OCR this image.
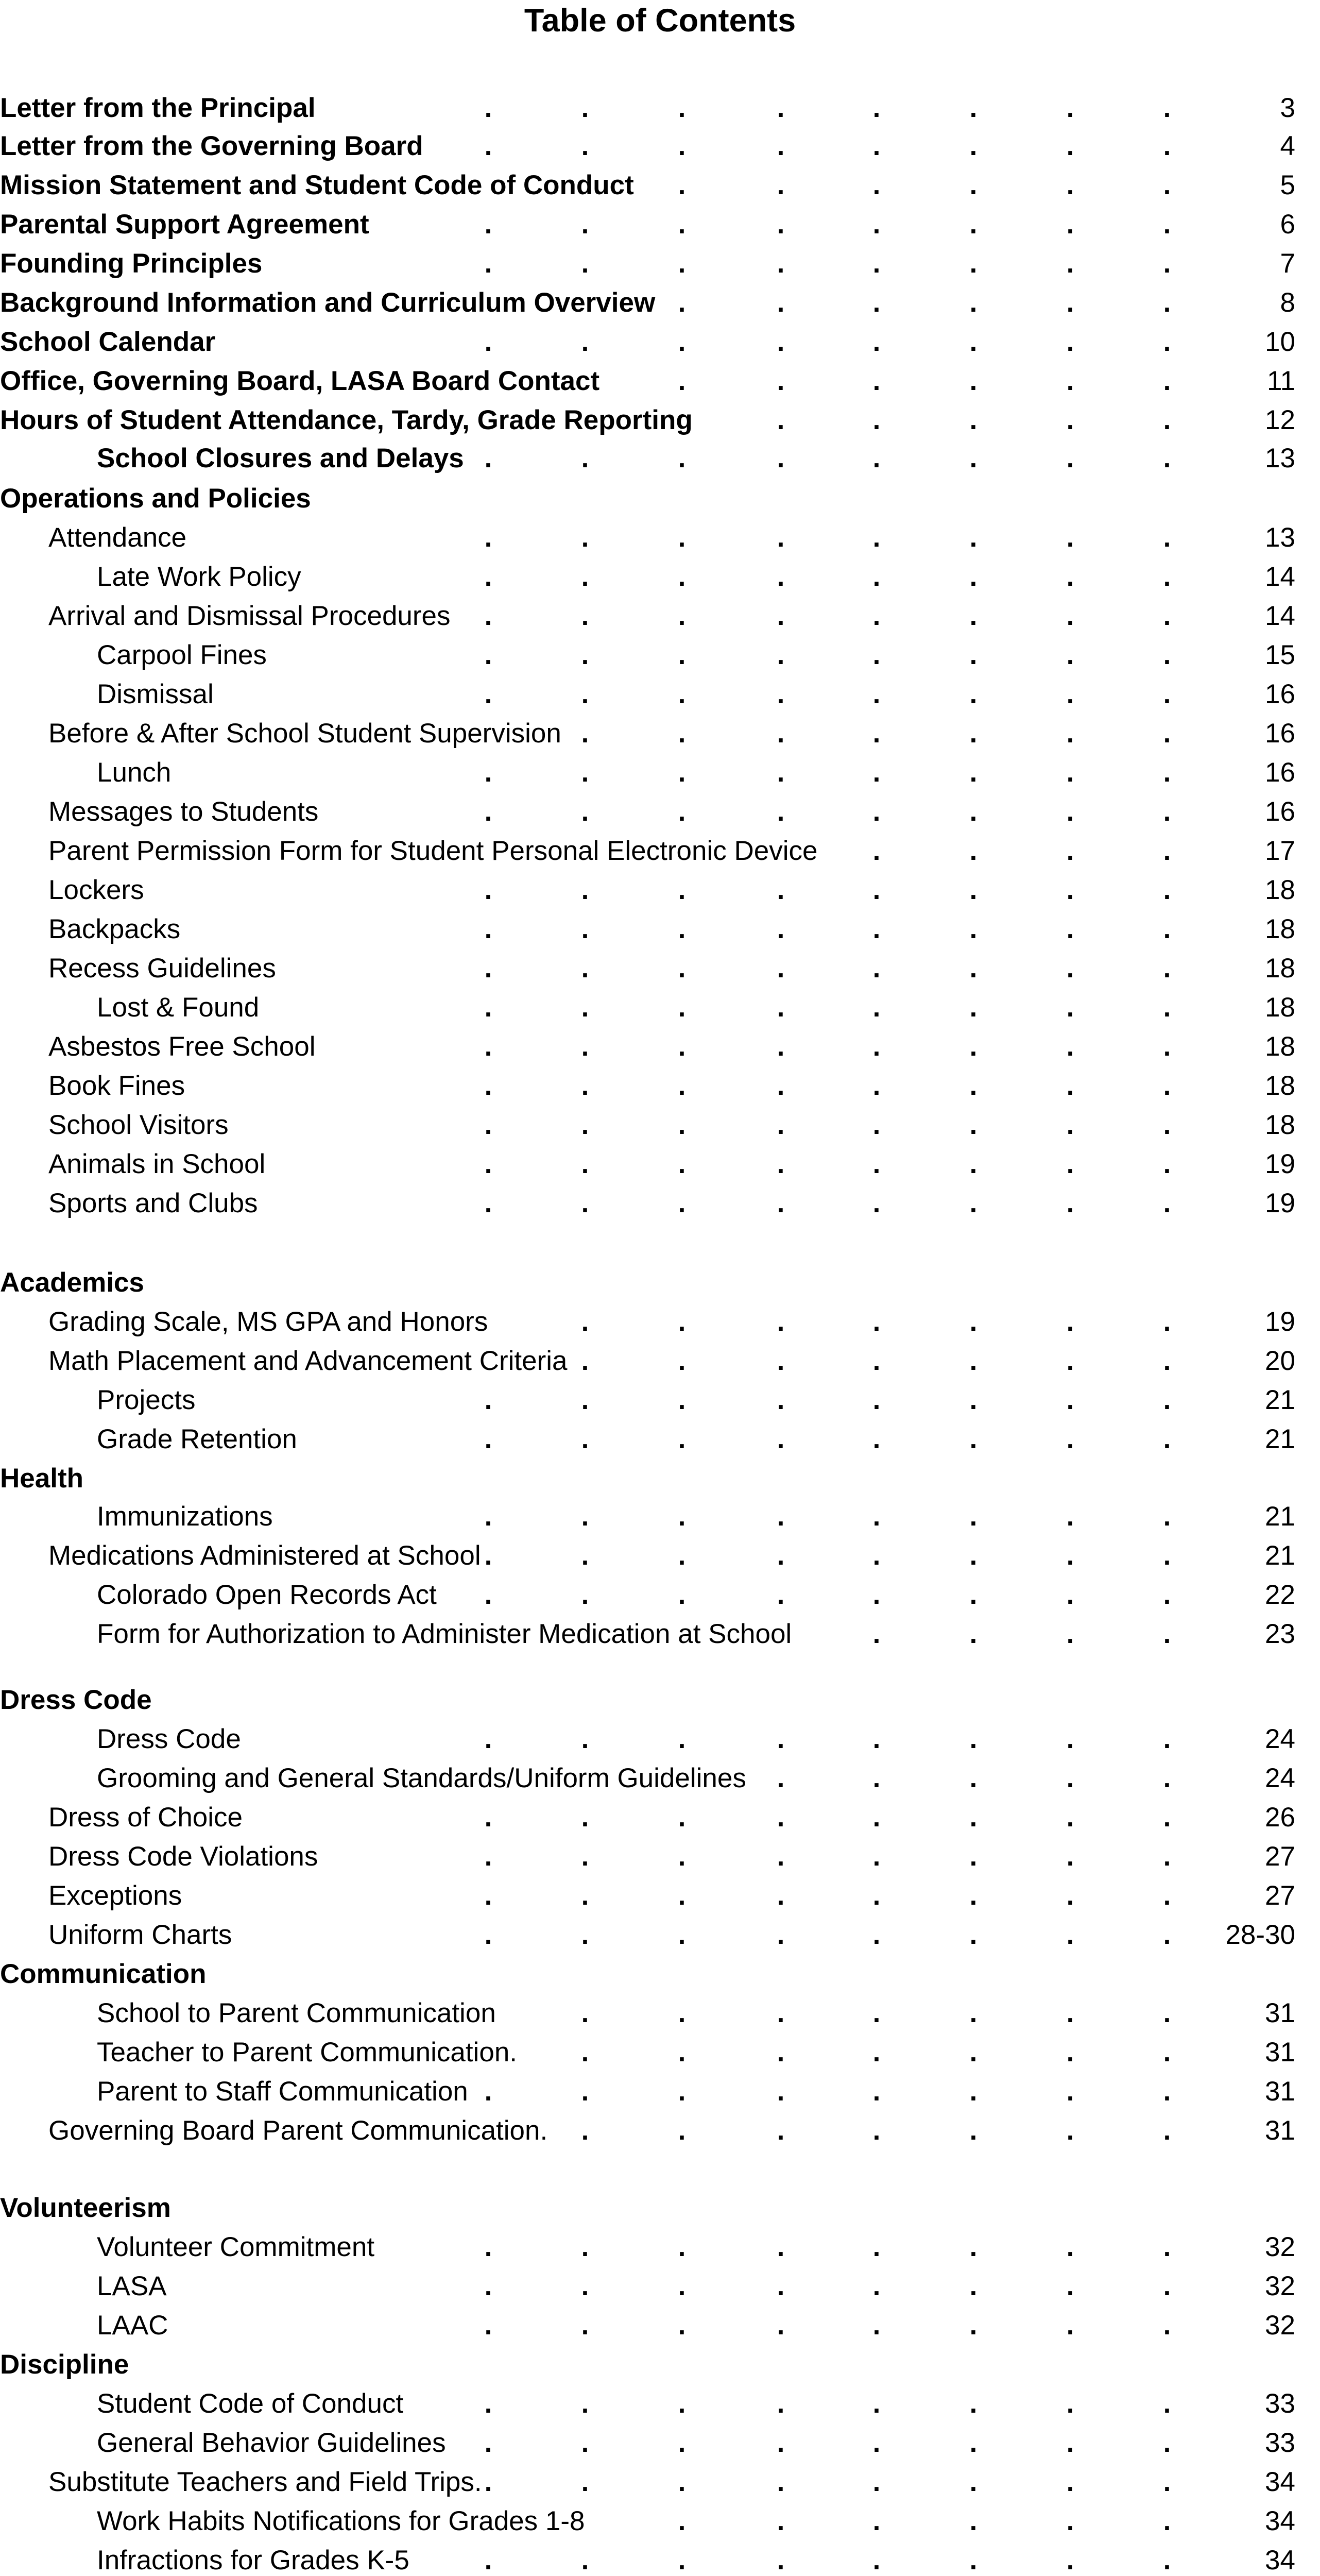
Table of Contents
Letter from the Principal	3
.	.	.	.	.	.	.	.
Letter from the Governing Board	4
.	.	.	.	.	.	.	.
Mission Statement and Student Code of Conduct	5
.	.	.	.	.	.
Parental Support Agreement	6
.	.	.	.	.	.	.	.
Founding Principles	7
.	.	.	.	.	.	.	.
Background Information and Curriculum Overview	8
.	.	.	.	.	.
School Calendar	10
.	.	.	.	.	.	.	.
Office, Governing Board, LASA Board Contact	11
.	.	.	.	.	.
Hours of Student Attendance, Tardy, Grade Reporting	12
.	.	.	.	.
School Closures and Delays	13
.	.	.	.	.	.	.	.
Operations and Policies
Attendance	13
.	.	.	.	.	.	.	.
Late Work Policy	14
.	.	.	.	.	.	.	.
Arrival and Dismissal Procedures	14
.	.	.	.	.	.	.	.
Carpool Fines	15
.	.	.	.	.	.	.	.
Dismissal	16
.	.	.	.	.	.	.	.
Before & After School Student Supervision	16
.	.	.	.	.	.	.
Lunch	16
.	.	.	.	.	.	.	.
Messages to Students	16
.	.	.	.	.	.	.	.
Parent Permission Form for Student Personal Electronic Device	17
.	.	.	.
Lockers	18
.	.	.	.	.	.	.	.
Backpacks	18
.	.	.	.	.	.	.	.
Recess Guidelines	18
.	.	.	.	.	.	.	.
Lost & Found	18
.	.	.	.	.	.	.	.
Asbestos Free School	18
.	.	.	.	.	.	.	.
Book Fines	18
.	.	.	.	.	.	.	.
School Visitors	18
.	.	.	.	.	.	.	.
Animals in School	19
.	.	.	.	.	.	.	.
Sports and Clubs	19
.	.	.	.	.	.	.	.
Academics
Grading Scale, MS GPA and Honors	19
.	.	.	.	.	.	.
Math Placement and Advancement Criteria	20
.	.	.	.	.	.	.
Projects	21
.	.	.	.	.	.	.	.
Grade Retention	21
.	.	.	.	.	.	.	.
Health
Immunizations	21
.	.	.	.	.	.	.	.
Medications Administered at School	21
.	.	.	.	.	.	.	.
Colorado Open Records Act	22
.	.	.	.	.	.	.	.
Form for Authorization to Administer Medication at School	23
.	.	.	.
Dress Code
Dress Code	24
.	.	.	.	.	.	.	.
Grooming and General Standards/Uniform Guidelines	24
.	.	.	.	.
Dress of Choice	26
.	.	.	.	.	.	.	.
Dress Code Violations	27
.	.	.	.	.	.	.	.
Exceptions	27
.	.	.	.	.	.	.	.
Uniform Charts	28-30
.	.	.	.	.	.	.	.
Communication
School to Parent Communication	31
.	.	.	.	.	.	.
Teacher to Parent Communication.	31
.	.	.	.	.	.	.
Parent to Staff Communication	31
.	.	.	.	.	.	.	.
Governing Board Parent Communication.	31
.	.	.	.	.	.	.
Volunteerism
Volunteer Commitment	32
.	.	.	.	.	.	.	.
LASA	32
.	.	.	.	.	.	.	.
LAAC	32
.	.	.	.	.	.	.	.
Discipline
Student Code of Conduct	33
.	.	.	.	.	.	.	.
General Behavior Guidelines	33
.	.	.	.	.	.	.	.
Substitute Teachers and Field Trips.	34
.	.	.	.	.	.	.	.
Work Habits Notifications for Grades 1-8	34
.	.	.	.	.	.
Infractions for Grades K-5	34
.	.	.	.	.	.	.	.
